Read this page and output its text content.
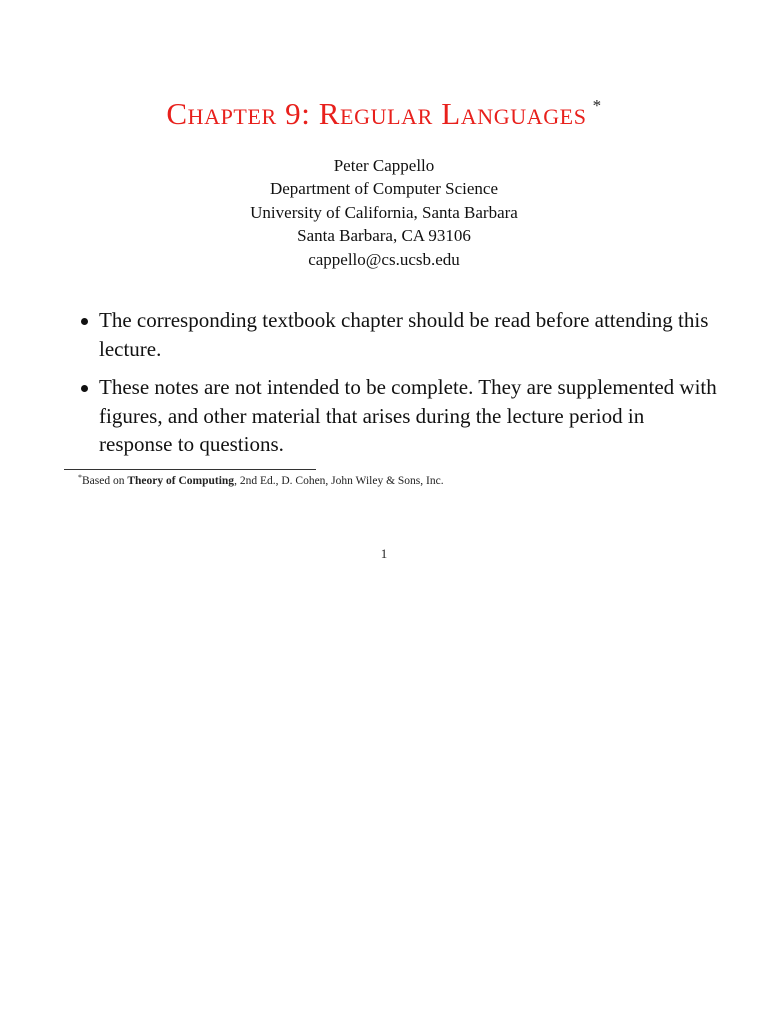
Chapter 9: Regular Languages *
Peter Cappello
Department of Computer Science
University of California, Santa Barbara
Santa Barbara, CA 93106
cappello@cs.ucsb.edu
The corresponding textbook chapter should be read before attending this lecture.
These notes are not intended to be complete. They are supplemented with figures, and other material that arises during the lecture period in response to questions.
*Based on Theory of Computing, 2nd Ed., D. Cohen, John Wiley & Sons, Inc.
1
